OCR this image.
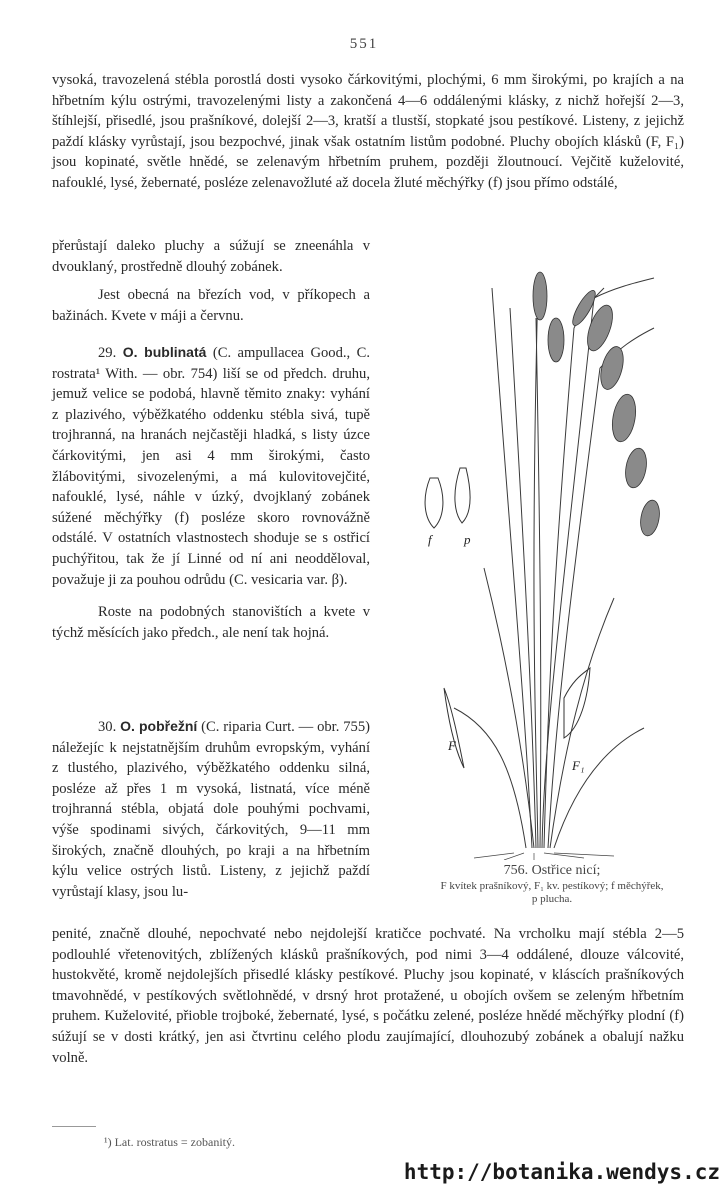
551

vysoká, travozelená stébla porostlá dosti vysoko čárkovitými, plochými, 6 mm širokými, po krajích a na hřbetním kýlu ostrými, travozelenými listy a zakončená 4—6 oddálenými klásky, z nichž hořejší 2—3, štíhlejší, přisedlé, jsou prašníkové, dolejší 2—3, kratší a tlustší, stopkaté jsou pestíkové. Listeny, z jejichž paždí klásky vyrůstají, jsou bezpochvé, jinak však ostatním listům podobné. Pluchy obojích klásků (F, F₁) jsou kopinaté, světle hnědé, se zelenavým hřbetním pruhem, později žloutnoucí. Vejčitě kuželovité, nafouklé, lysé, žebernaté, posléze zelenavožluté až docela žluté měchýřky (f) jsou přímo odstálé,

přerůstají daleko pluchy a súžují se zneenáhla v dvouklaný, prostředně dlouhý zobánek.

Jest obecná na březích vod, v příkopech a bažinách. Kvete v máji a červnu.

29. O. bublinatá (C. ampullacea Good., C. rostrata¹ With. — obr. 754) liší se od předch. druhu, jemuž velice se podobá, hlavně těmito znaky: vyhání z plazivého, výběžkatého oddenku stébla sivá, tupě trojhranná, na hranách nejčastěji hladká, s listy úzce čárkovitými, jen asi 4 mm širokými, často žlábovitými, sivozelenými, a má kulovitovejčité, nafouklé, lysé, náhle v úzký, dvojklaný zobánek súžené měchýřky (f) posléze skoro rovnovážně odstálé. V ostatních vlastnostech shoduje se s ostřicí puchýřitou, tak že jí Linné od ní ani neodděloval, považuje ji za pouhou odrůdu (C. vesicaria var. β).

Roste na podobných stanovištích a kvete v týchž měsících jako předch., ale není tak hojná.

30. O. pobřežní (C. riparia Curt. — obr. 755) náležejíc k nejstatnějším druhům evropským, vyhání z tlustého, plazivého, výběžkatého oddenku silná, posléze až přes 1 m vysoká, listnatá, více méně trojhranná stébla, objatá dole pouhými pochvami, výše spodinami sivých, čárkovitých, 9—11 mm širokých, značně dlouhých, po kraji a na hřbetním kýlu velice ostrých listů. Listeny, z jejichž paždí vyrůstají klasy, jsou lu-

penité, značně dlouhé, nepochvaté nebo nejdolejší kratičce pochvaté. Na vrcholku mají stébla 2—5 podlouhlé vřetenovitých, zblížených klásků prašníkových, pod nimi 3—4 oddálené, dlouze válcovité, hustokvěté, kromě nejdolejších přisedlé klásky pestíkové. Pluchy jsou kopinaté, v kláscích prašníkových tmavohnědé, v pestíkových světlohnědé, v drsný hrot protažené, u obojích ovšem se zeleným hřbetním pruhem. Kuželovité, přioble trojboké, žebernaté, lysé, s počátku zelené, posléze hnědé měchýřky plodní (f) súžují se v dosti krátký, jen asi čtvrtinu celého plodu zaujímající, dlouhozubý zobánek a obalují nažku volně.

f p
F
F₁
756. Ostřice nicí;
F kvítek prašníkový, F₁ kv. pestíkový; f měchýřek,
p plucha.
¹) Lat. rostratus = zobanitý.
http://botanika.wendys.cz
